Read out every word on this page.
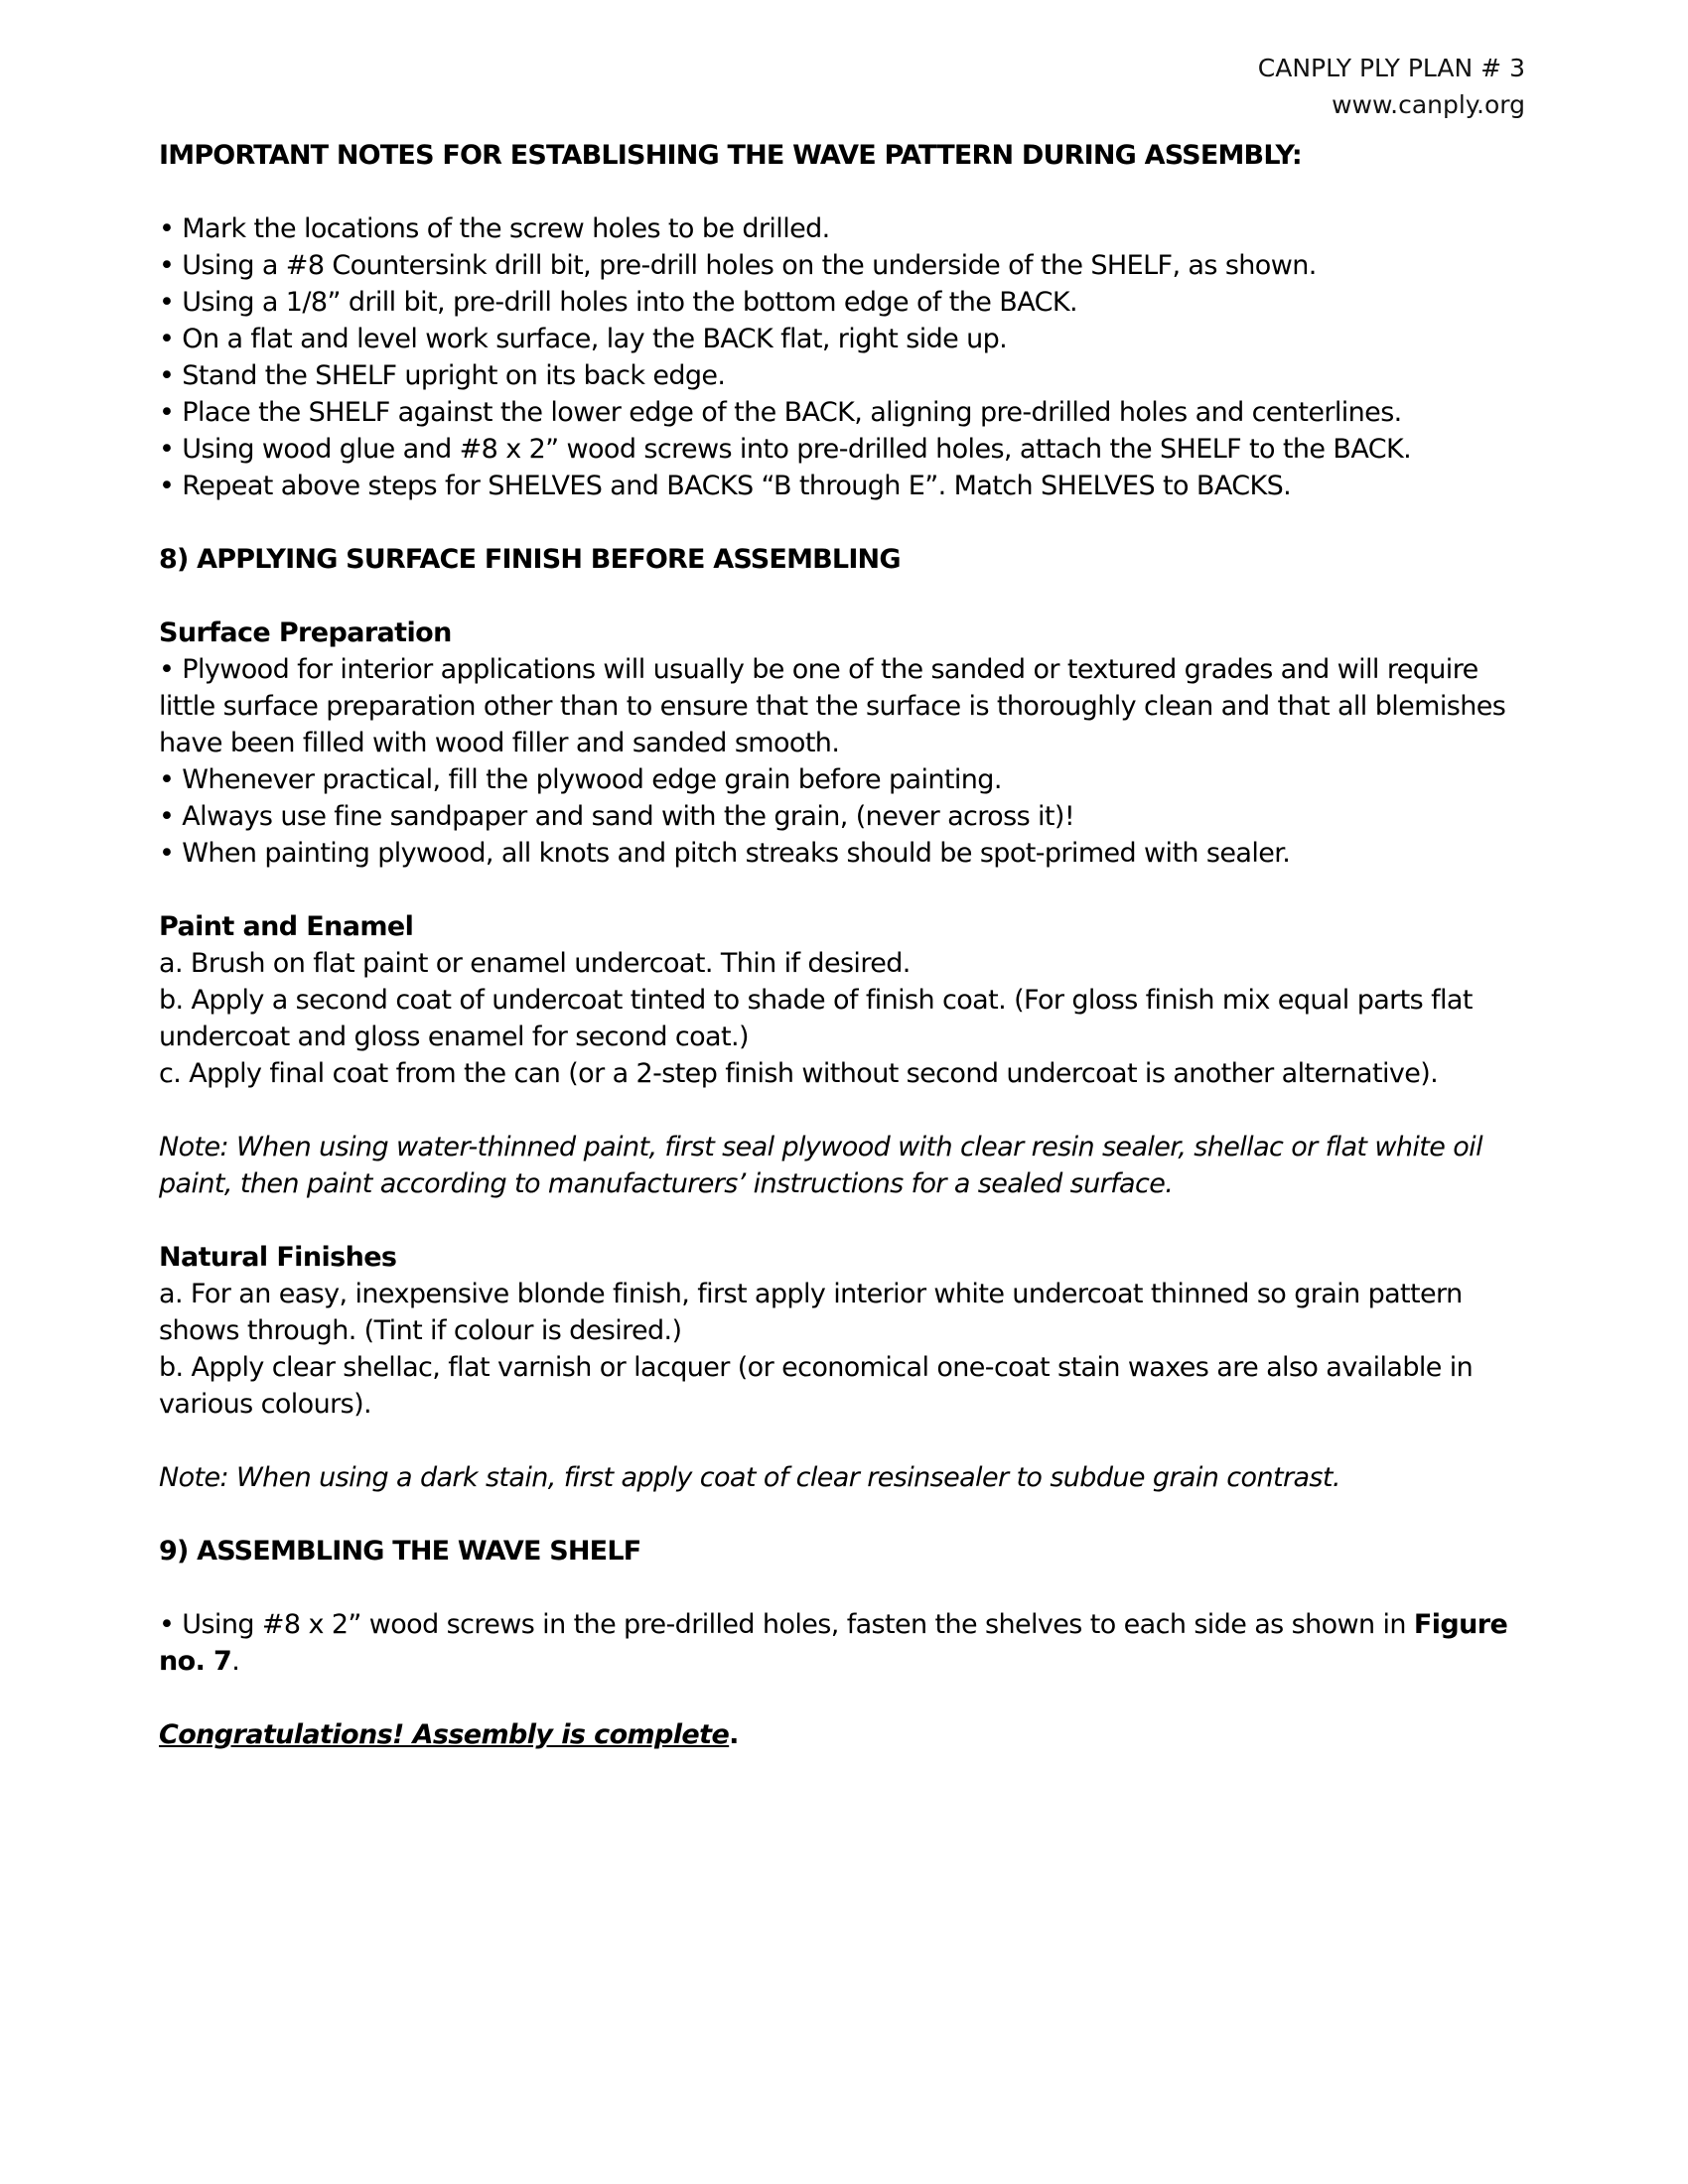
CANPLY PLY PLAN # 3
www.canply.org

IMPORTANT NOTES FOR ESTABLISHING THE WAVE PATTERN DURING ASSEMBLY:

• Mark the locations of the screw holes to be drilled.

• Using a #8 Countersink drill bit, pre-drill holes on the underside of the SHELF, as shown.

• Using a 1/8” drill bit, pre-drill holes into the bottom edge of the BACK.

• On a flat and level work surface, lay the BACK flat, right side up.

• Stand the SHELF upright on its back edge.

• Place the SHELF against the lower edge of the BACK, aligning pre-drilled holes and centerlines.

• Using wood glue and #8 x 2” wood screws into pre-drilled holes, attach the SHELF to the BACK.

• Repeat above steps for SHELVES and BACKS “B through E”. Match SHELVES to BACKS.

8) APPLYING SURFACE FINISH BEFORE ASSEMBLING

Surface Preparation

• Plywood for interior applications will usually be one of the sanded or textured grades and will require little surface preparation other than to ensure that the surface is thoroughly clean and that all blemishes have been filled with wood filler and sanded smooth.

• Whenever practical, fill the plywood edge grain before painting.

• Always use fine sandpaper and sand with the grain, (never across it)!

• When painting plywood, all knots and pitch streaks should be spot-primed with sealer.

Paint and Enamel

a. Brush on flat paint or enamel undercoat. Thin if desired.

b. Apply a second coat of undercoat tinted to shade of finish coat. (For gloss finish mix equal parts flat undercoat and gloss enamel for second coat.)

c. Apply final coat from the can (or a 2-step finish without second undercoat is another alternative).

Note: When using water-thinned paint, first seal plywood with clear resin sealer, shellac or flat white oil paint, then paint according to manufacturers’ instructions for a sealed surface.

Natural Finishes

a. For an easy, inexpensive blonde finish, first apply interior white undercoat thinned so grain pattern shows through. (Tint if colour is desired.)

b. Apply clear shellac, flat varnish or lacquer (or economical one-coat stain waxes are also available in various colours).

Note: When using a dark stain, first apply coat of clear resinsealer to subdue grain contrast.

9) ASSEMBLING THE WAVE SHELF

• Using #8 x 2” wood screws in the pre-drilled holes, fasten the shelves to each side as shown in Figure no. 7.

Congratulations! Assembly is complete.
